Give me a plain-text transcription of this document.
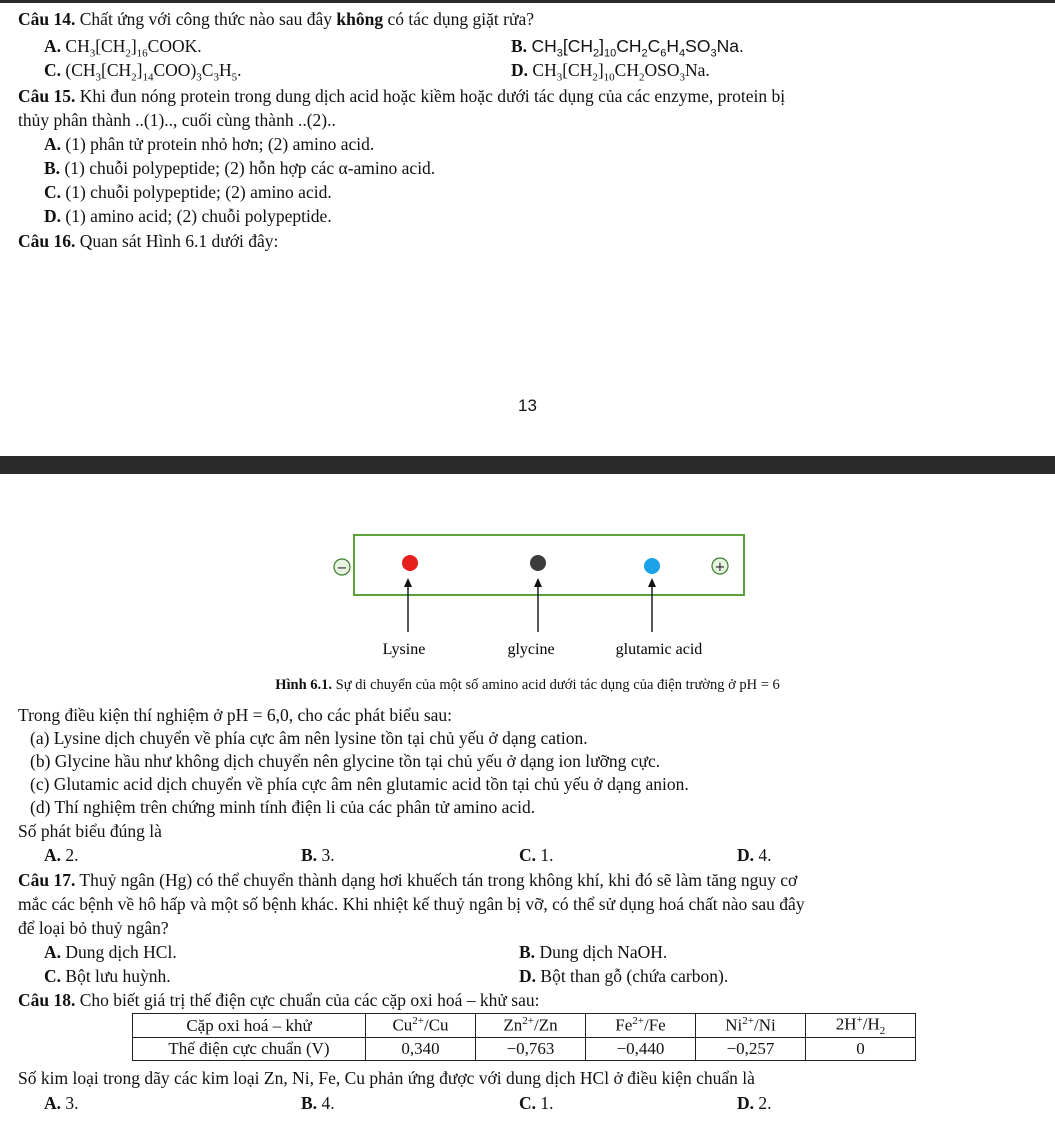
Câu 14. Chất ứng với công thức nào sau đây không có tác dụng giặt rửa?
A. $CH_3[CH_2]_{16}COOK$.	B. $CH_3[CH_2]_{10}CH_2C_6H_4SO_3Na$.
C. $(CH_3[CH_2]_{14}COO)_3C_3H_5$.	D. $CH_3[CH_2]_{10}CH_2OSO_3Na$.
Câu 15. Khi đun nóng protein trong dung dịch acid hoặc kiềm hoặc dưới tác dụng của các enzyme, protein bị
thủy phân thành ..(1).., cuối cùng thành ..(2)..
A. (1) phân tử protein nhỏ hơn; (2) amino acid.
B. (1) chuỗi polypeptide; (2) hỗn hợp các α-amino acid.
C. (1) chuỗi polypeptide; (2) amino acid.
D. (1) amino acid; (2) chuỗi polypeptide.
Câu 16. Quan sát Hình 6.1 dưới đây:
13
−	+
Lysine	glycine	glutamic acid
Hình 6.1. Sự di chuyển của một số amino acid dưới tác dụng của điện trường ở pH = 6
Trong điều kiện thí nghiệm ở pH = 6,0, cho các phát biểu sau:
(a) Lysine dịch chuyển về phía cực âm nên lysine tồn tại chủ yếu ở dạng cation.
(b) Glycine hầu như không dịch chuyển nên glycine tồn tại chủ yếu ở dạng ion lưỡng cực.
(c) Glutamic acid dịch chuyển về phía cực âm nên glutamic acid tồn tại chủ yếu ở dạng anion.
(d) Thí nghiệm trên chứng minh tính điện li của các phân tử amino acid.
Số phát biểu đúng là
A. 2.	B. 3.	C. 1.	D. 4.
Câu 17. Thuỷ ngân (Hg) có thể chuyển thành dạng hơi khuếch tán trong không khí, khi đó sẽ làm tăng nguy cơ
mắc các bệnh về hô hấp và một số bệnh khác. Khi nhiệt kế thuỷ ngân bị vỡ, có thể sử dụng hoá chất nào sau đây
để loại bỏ thuỷ ngân?
A. Dung dịch HCl.	B. Dung dịch NaOH.
C. Bột lưu huỳnh.	D. Bột than gỗ (chứa carbon).
Câu 18. Cho biết giá trị thế điện cực chuẩn của các cặp oxi hoá – khử sau:
Cặp oxi hoá – khử	$Cu^{2+}/Cu$	$Zn^{2+}/Zn$	$Fe^{2+}/Fe$	$Ni^{2+}/Ni$	$2H^+/H_2$
Thế điện cực chuẩn (V)	0,340	−0,763	−0,440	−0,257	0
Số kim loại trong dãy các kim loại Zn, Ni, Fe, Cu phản ứng được với dung dịch HCl ở điều kiện chuẩn là
A. 3.	B. 4.	C. 1.	D. 2.
